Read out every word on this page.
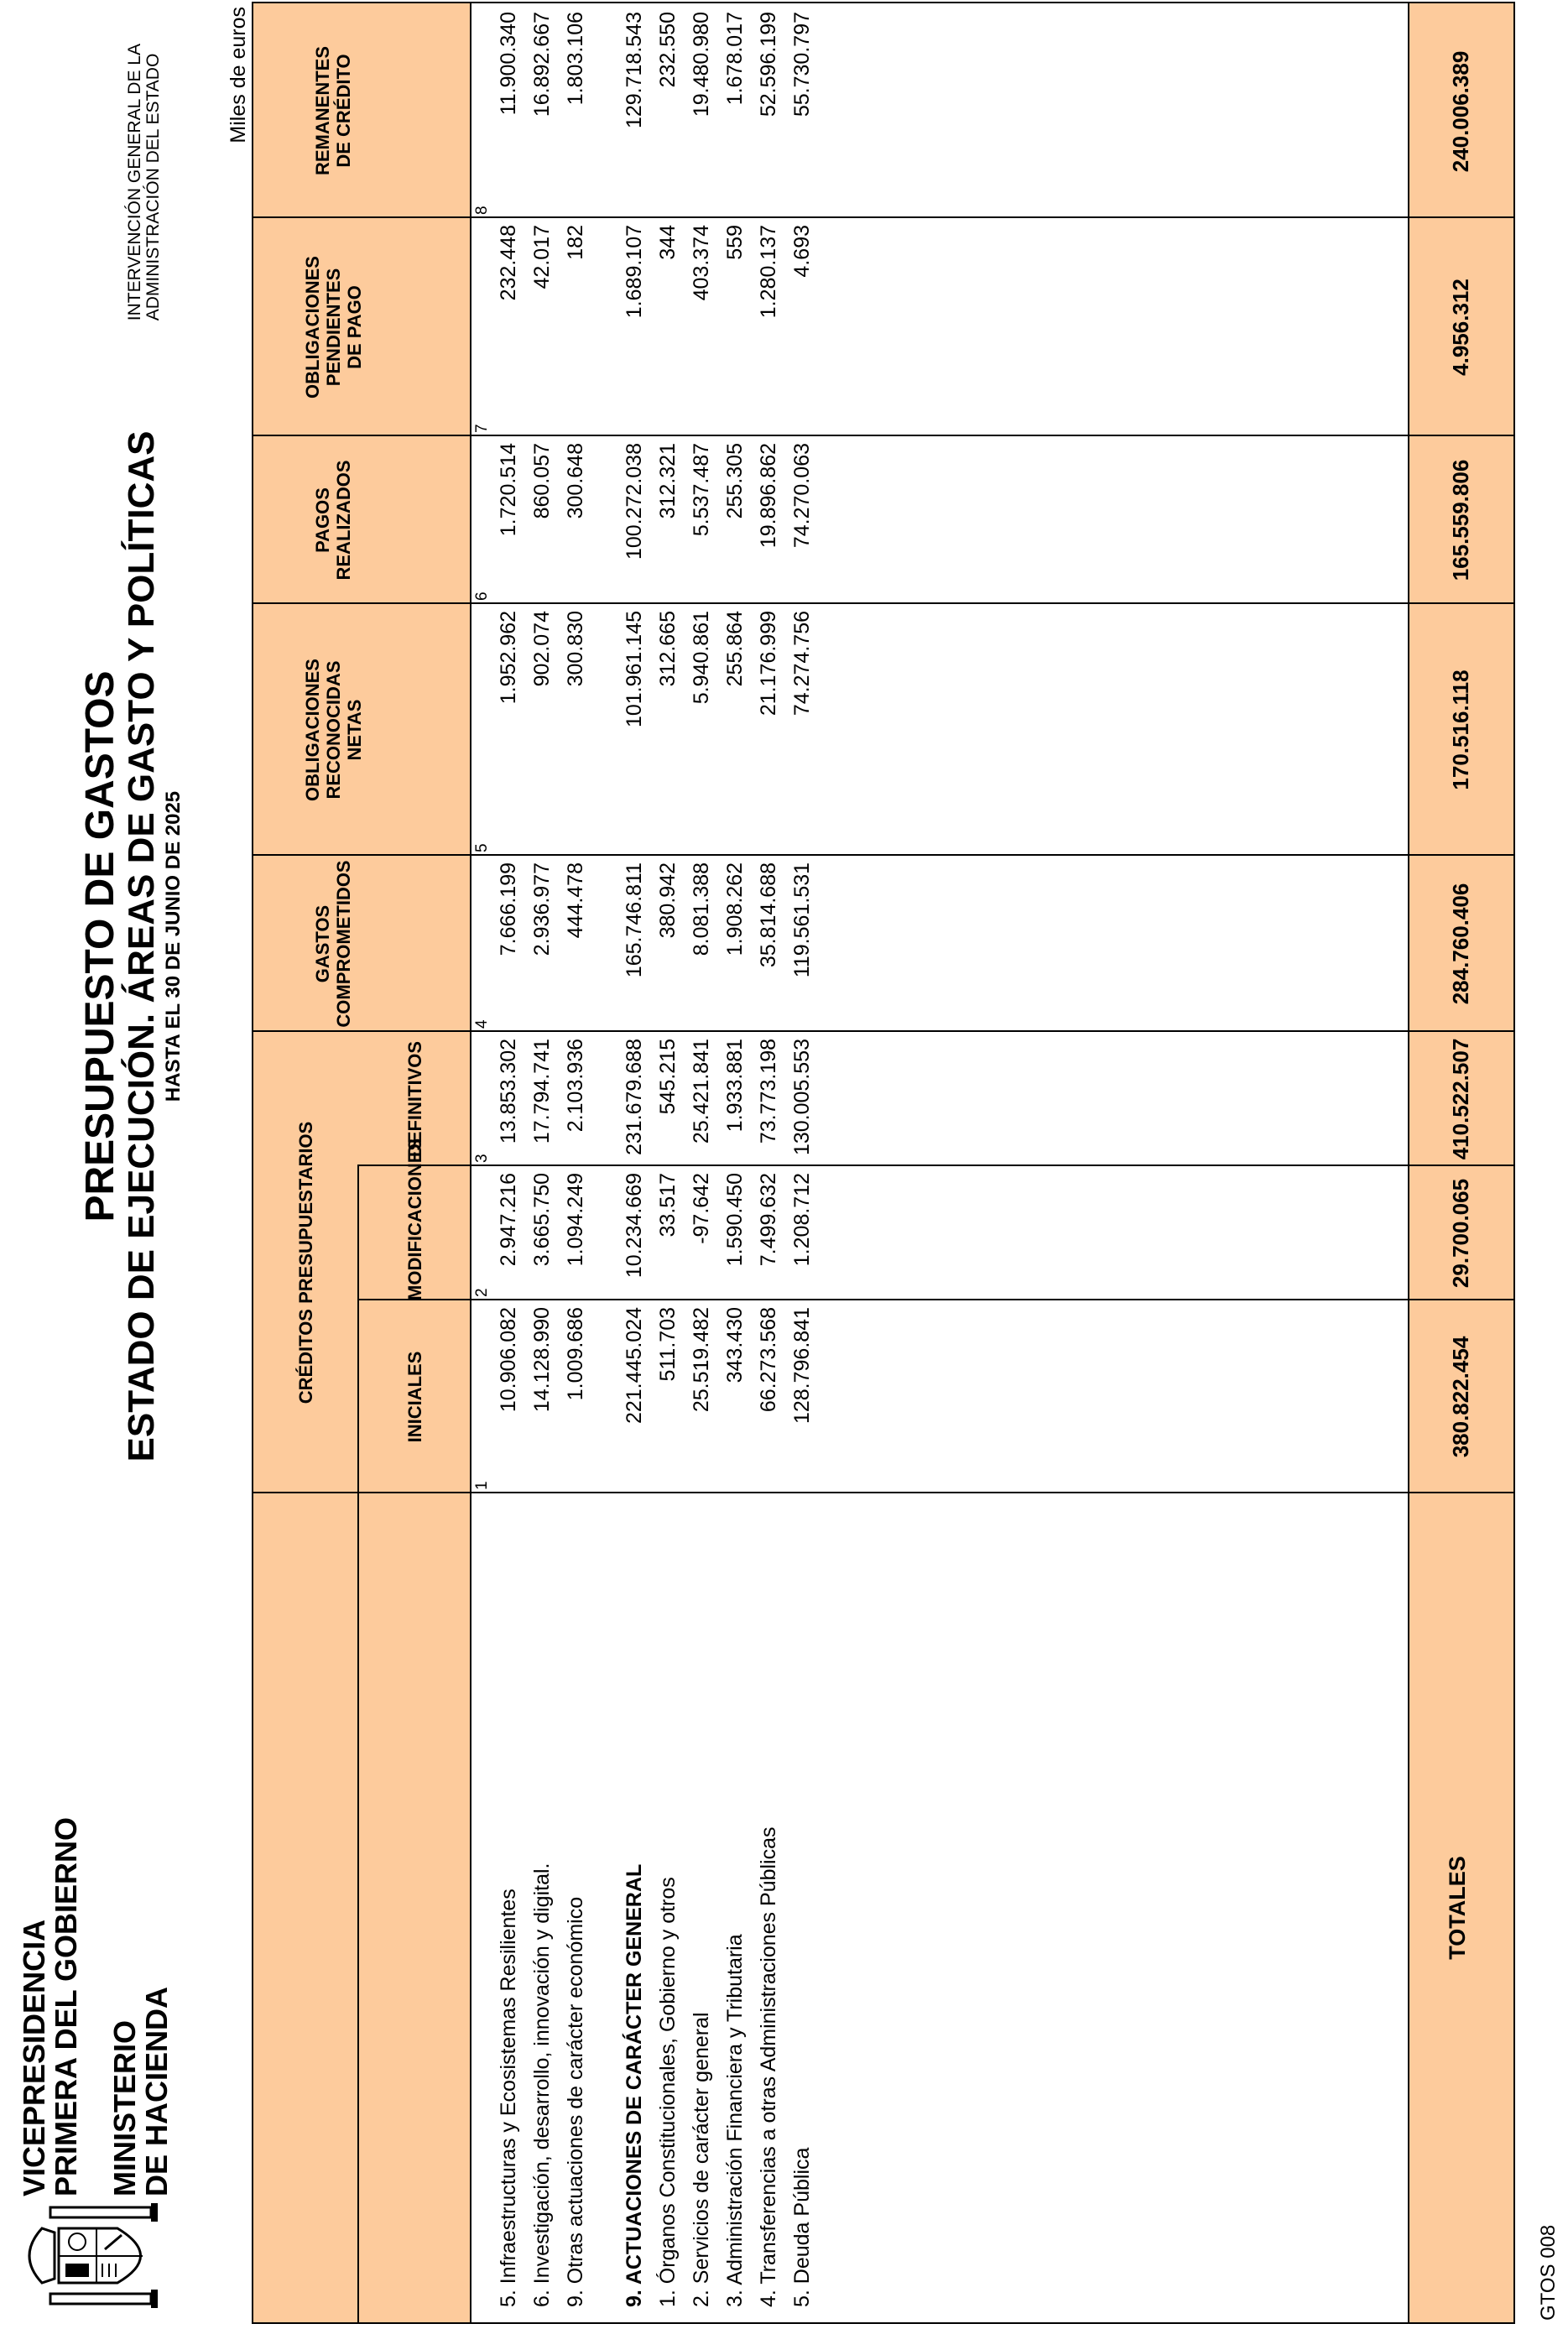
VICEPRESIDENCIA
PRIMERA DEL GOBIERNO MINISTERIO
DE HACIENDA
PRESUPUESTO DE GASTOS
ESTADO DE EJECUCIÓN. ÁREAS DE GASTO Y POLÍTICAS HASTA EL 30 DE JUNIO DE 2025
INTERVENCIÓN GENERAL DE LA ADMINISTRACIÓN DEL ESTADO	Miles de euros
CRÉDITOS PRESUPUESTARIOS	INICIALES
MODIFICACIONES
DEFINITIVOS
GASTOS COMPROMETIDOS
OBLIGACIONES RECONOCIDAS NETAS
PAGOS REALIZADOS
OBLIGACIONES PENDIENTES DE PAGO
REMANENTES DE CRÉDITO
1
2
3
4
5
6
7
8
5. Infraestructuras y Ecosistemas Resilientes
10.906.082
2.947.216
13.853.302
7.666.199
1.952.962
1.720.514
232.448
11.900.340
6. Investigación, desarrollo, innovación y digital.
14.128.990
3.665.750
17.794.741
2.936.977
902.074
860.057
42.017
16.892.667
9. Otras actuaciones de carácter económico
1.009.686
1.094.249
2.103.936
444.478
300.830
300.648
182
1.803.106
9. ACTUACIONES DE CARÁCTER GENERAL
221.445.024
10.234.669
231.679.688
165.746.811
101.961.145
100.272.038
1.689.107
129.718.543
1. Órganos Constitucionales, Gobierno y otros
511.703
33.517
545.215
380.942
312.665
312.321
344
232.550
2. Servicios de carácter general
25.519.482
-97.642
25.421.841
8.081.388
5.940.861
5.537.487
403.374
19.480.980
3. Administración Financiera y Tributaria
343.430
1.590.450
1.933.881
1.908.262
255.864
255.305
559
1.678.017
4. Transferencias a otras Administraciones Públicas
66.273.568
7.499.632
73.773.198
35.814.688
21.176.999
19.896.862
1.280.137
52.596.199
5. Deuda Pública
128.796.841
1.208.712
130.005.553
119.561.531
74.274.756
74.270.063
4.693
55.730.797
TOTALES
380.822.454
29.700.065
410.522.507
284.760.406
170.516.118
165.559.806
4.956.312
240.006.389
GTOS 008
